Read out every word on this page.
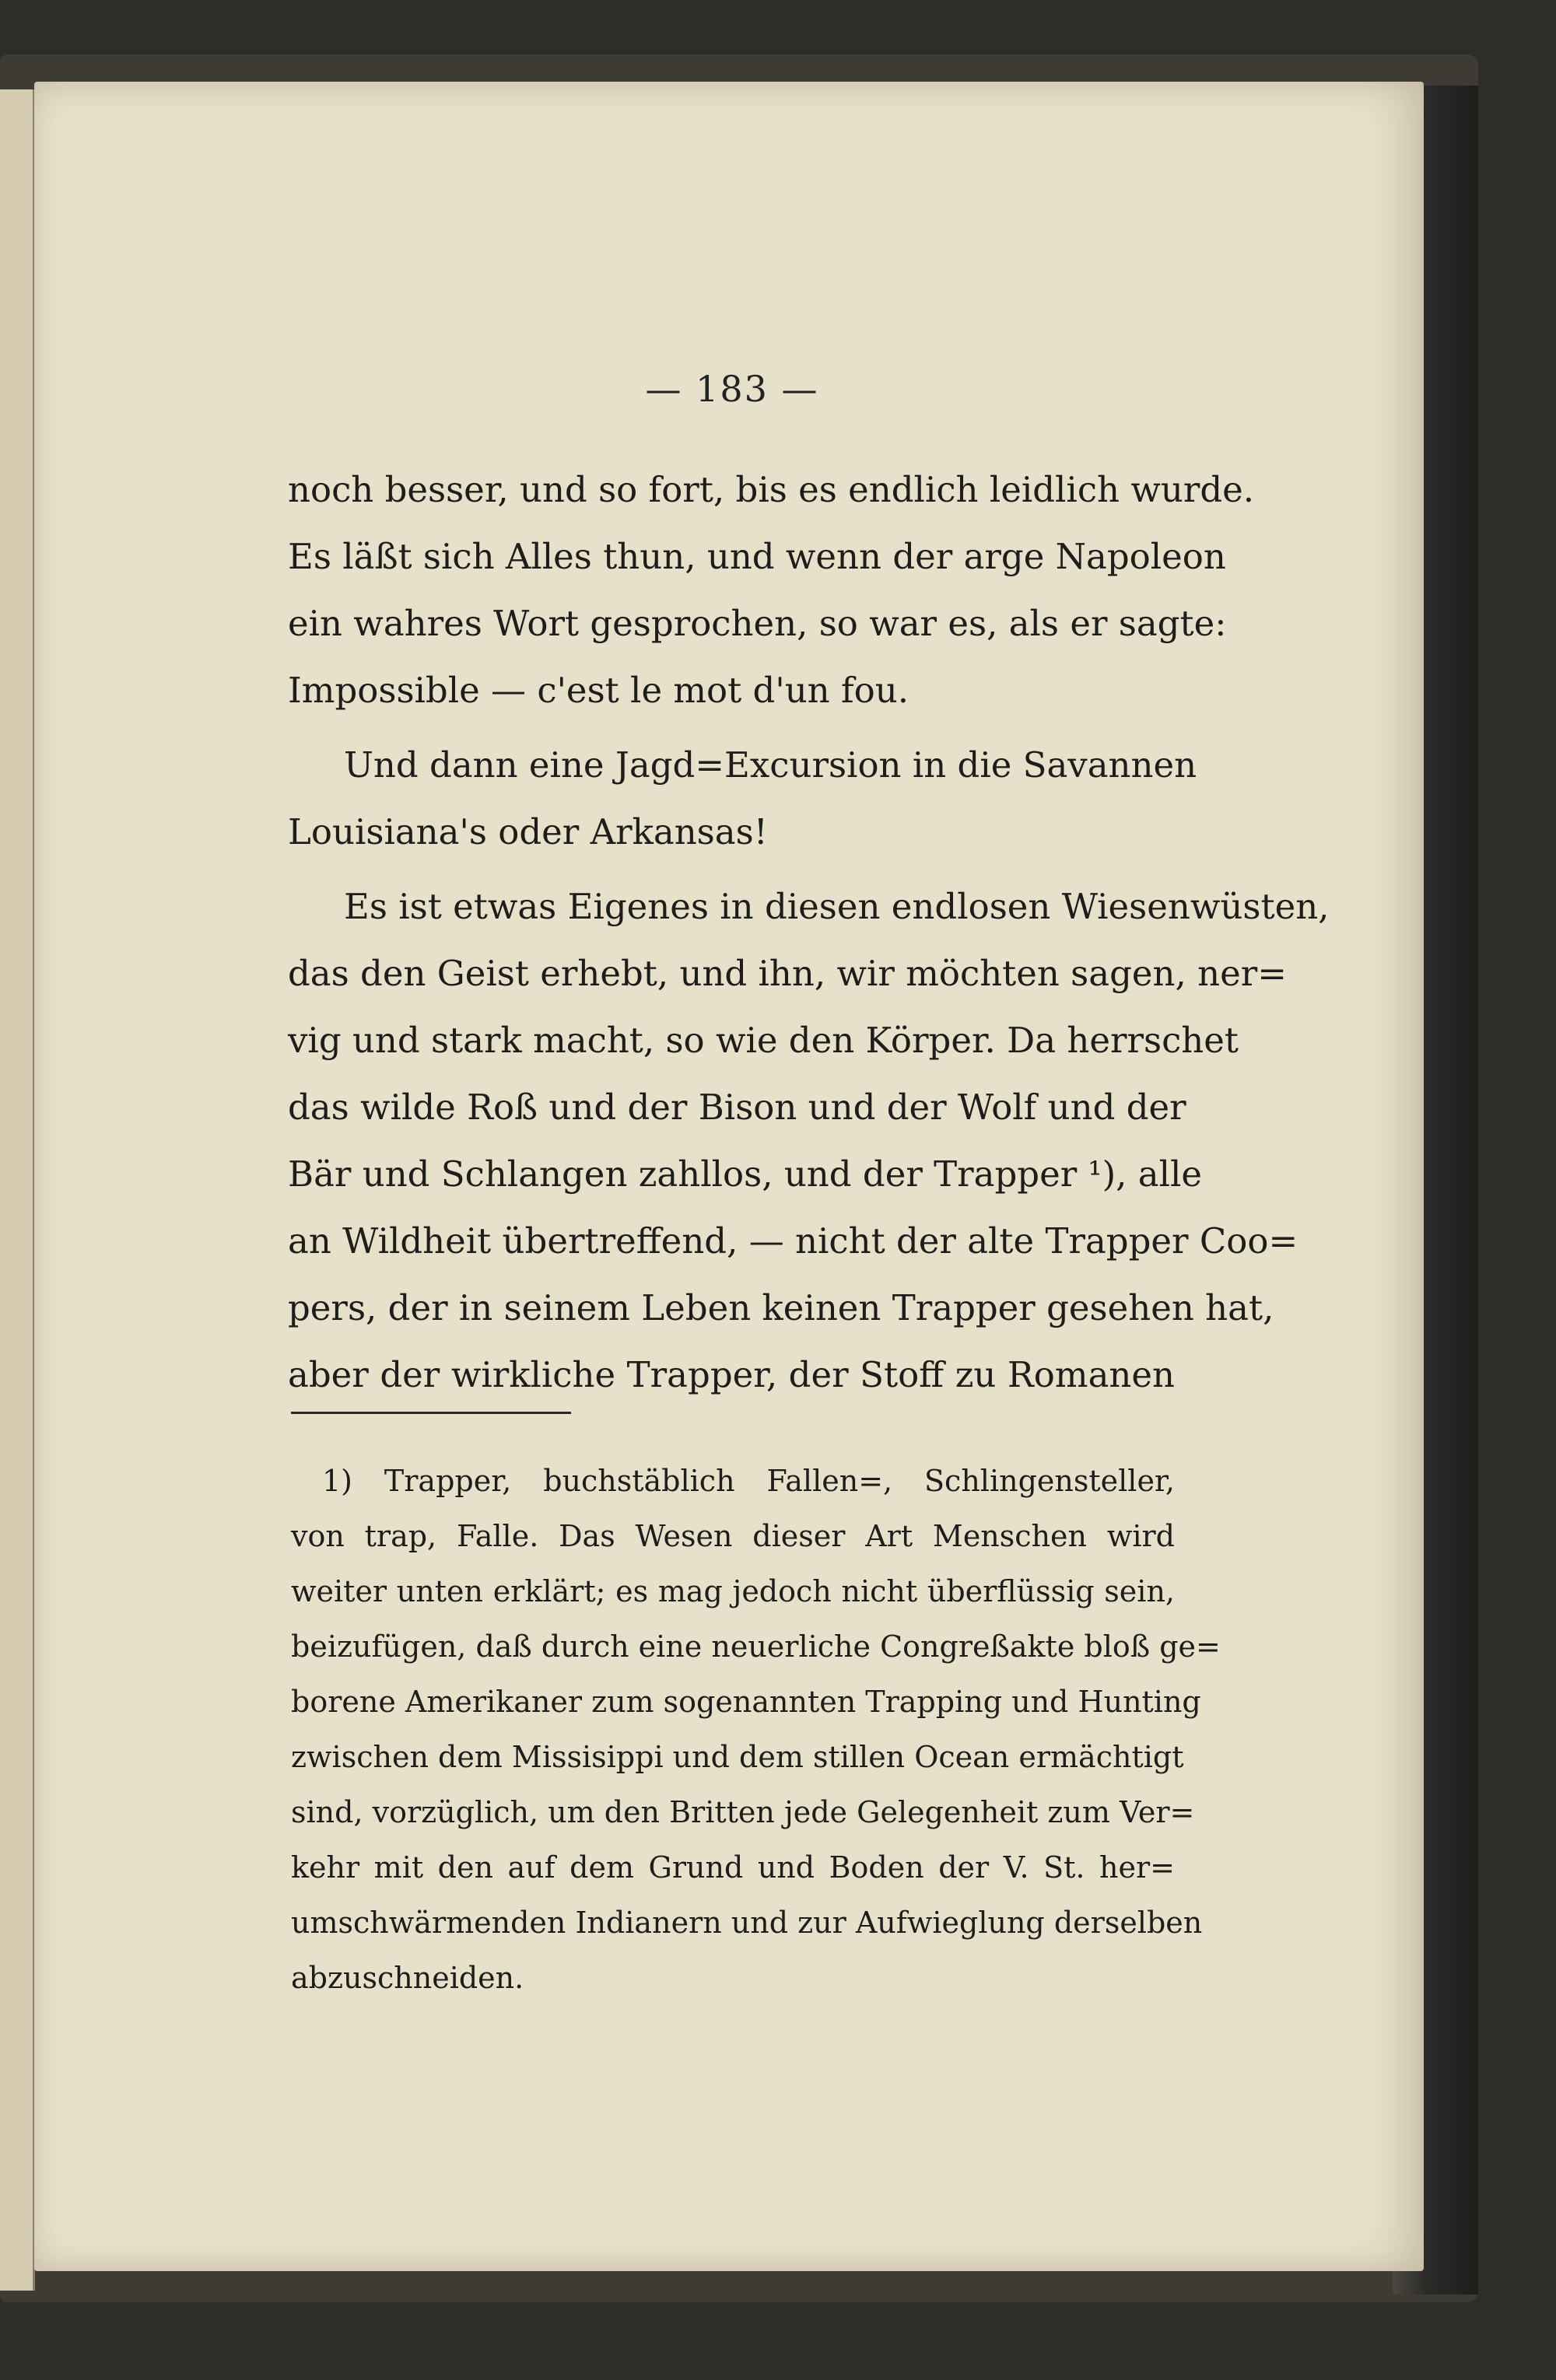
— 183 —
noch besser, und so fort, bis es endlich leidlich wurde.
Es läßt sich Alles thun, und wenn der arge Napoleon
ein wahres Wort gesprochen, so war es, als er sagte:
Impossible — c'est le mot d'un fou.
Und dann eine Jagd=Excursion in die Savannen
Louisiana's oder Arkansas!
Es ist etwas Eigenes in diesen endlosen Wiesenwüsten,
das den Geist erhebt, und ihn, wir möchten sagen, ner=
vig und stark macht, so wie den Körper. Da herrschet
das wilde Roß und der Bison und der Wolf und der
Bär und Schlangen zahllos, und der Trapper ¹), alle
an Wildheit übertreffend, — nicht der alte Trapper Coo=
pers, der in seinem Leben keinen Trapper gesehen hat,
aber der wirkliche Trapper, der Stoff zu Romanen
1) Trapper, buchstäblich Fallen=, Schlingensteller,
von trap, Falle. Das Wesen dieser Art Menschen wird
weiter unten erklärt; es mag jedoch nicht überflüssig sein,
beizufügen, daß durch eine neuerliche Congreßakte bloß ge=
borene Amerikaner zum sogenannten Trapping und Hunting
zwischen dem Missisippi und dem stillen Ocean ermächtigt
sind, vorzüglich, um den Britten jede Gelegenheit zum Ver=
kehr mit den auf dem Grund und Boden der V. St. her=
umschwärmenden Indianern und zur Aufwieglung derselben
abzuschneiden.
